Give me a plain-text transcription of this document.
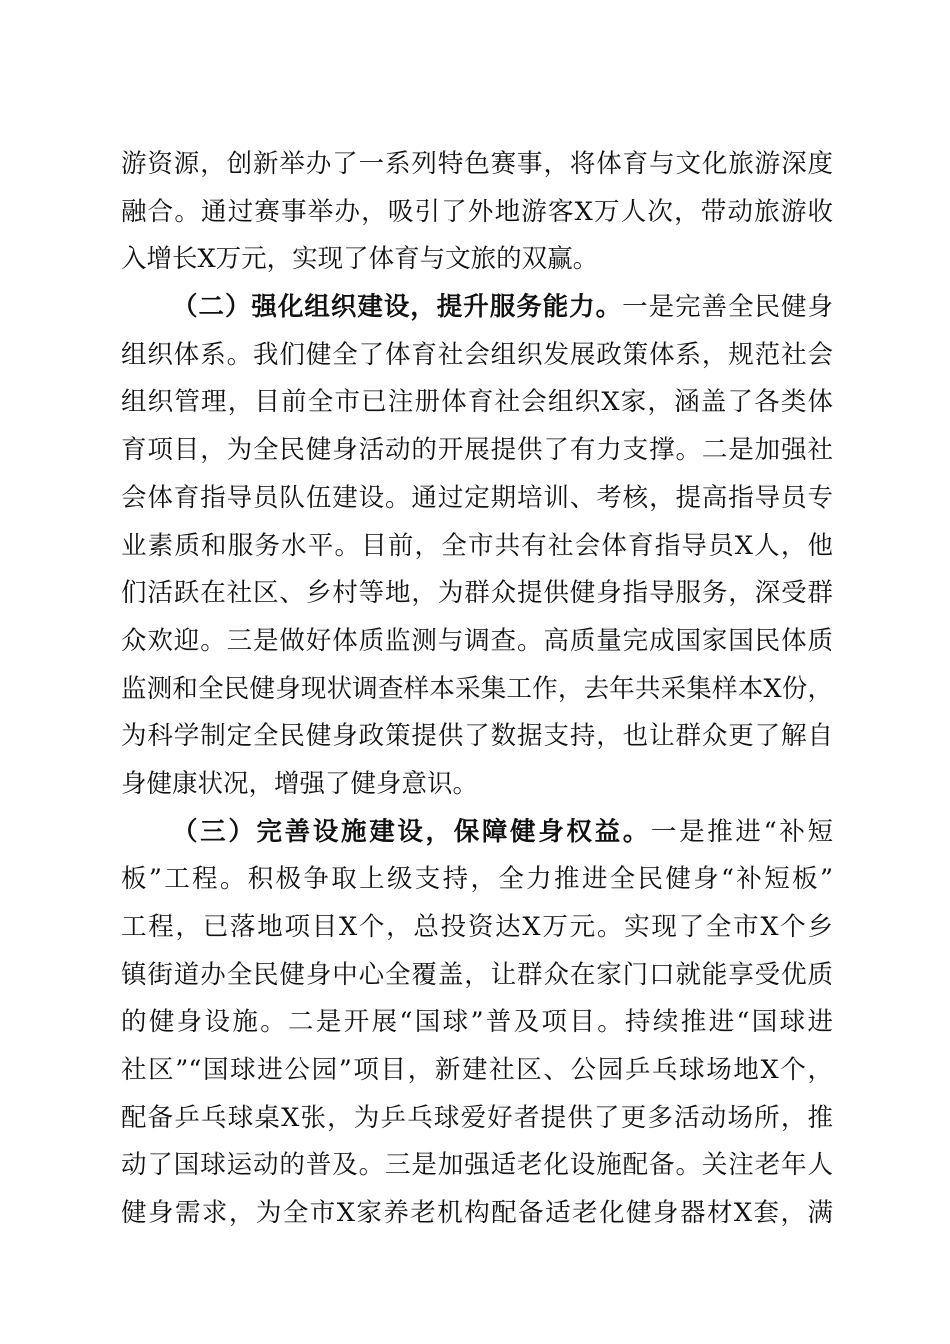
游资源，创新举办了一系列特色赛事，将体育与文化旅游深度
融合。通过赛事举办，吸引了外地游客X万人次，带动旅游收
入增长X万元，实现了体育与文旅的双赢。
（二）强化组织建设，提升服务能力。一是完善全民健身
组织体系。我们健全了体育社会组织发展政策体系，规范社会
组织管理，目前全市已注册体育社会组织X家，涵盖了各类体
育项目，为全民健身活动的开展提供了有力支撑。二是加强社
会体育指导员队伍建设。通过定期培训、考核，提高指导员专
业素质和服务水平。目前，全市共有社会体育指导员X人，他
们活跃在社区、乡村等地，为群众提供健身指导服务，深受群
众欢迎。三是做好体质监测与调查。高质量完成国家国民体质
监测和全民健身现状调查样本采集工作，去年共采集样本X份，
为科学制定全民健身政策提供了数据支持，也让群众更了解自
身健康状况，增强了健身意识。
（三）完善设施建设，保障健身权益。一是推进“补短
板”工程。积极争取上级支持，全力推进全民健身“补短板”
工程，已落地项目X个，总投资达X万元。实现了全市X个乡
镇街道办全民健身中心全覆盖，让群众在家门口就能享受优质
的健身设施。二是开展“国球”普及项目。持续推进“国球进
社区”“国球进公园”项目，新建社区、公园乒乓球场地X个，
配备乒乓球桌X张，为乒乓球爱好者提供了更多活动场所，推
动了国球运动的普及。三是加强适老化设施配备。关注老年人
健身需求，为全市X家养老机构配备适老化健身器材X套，满
